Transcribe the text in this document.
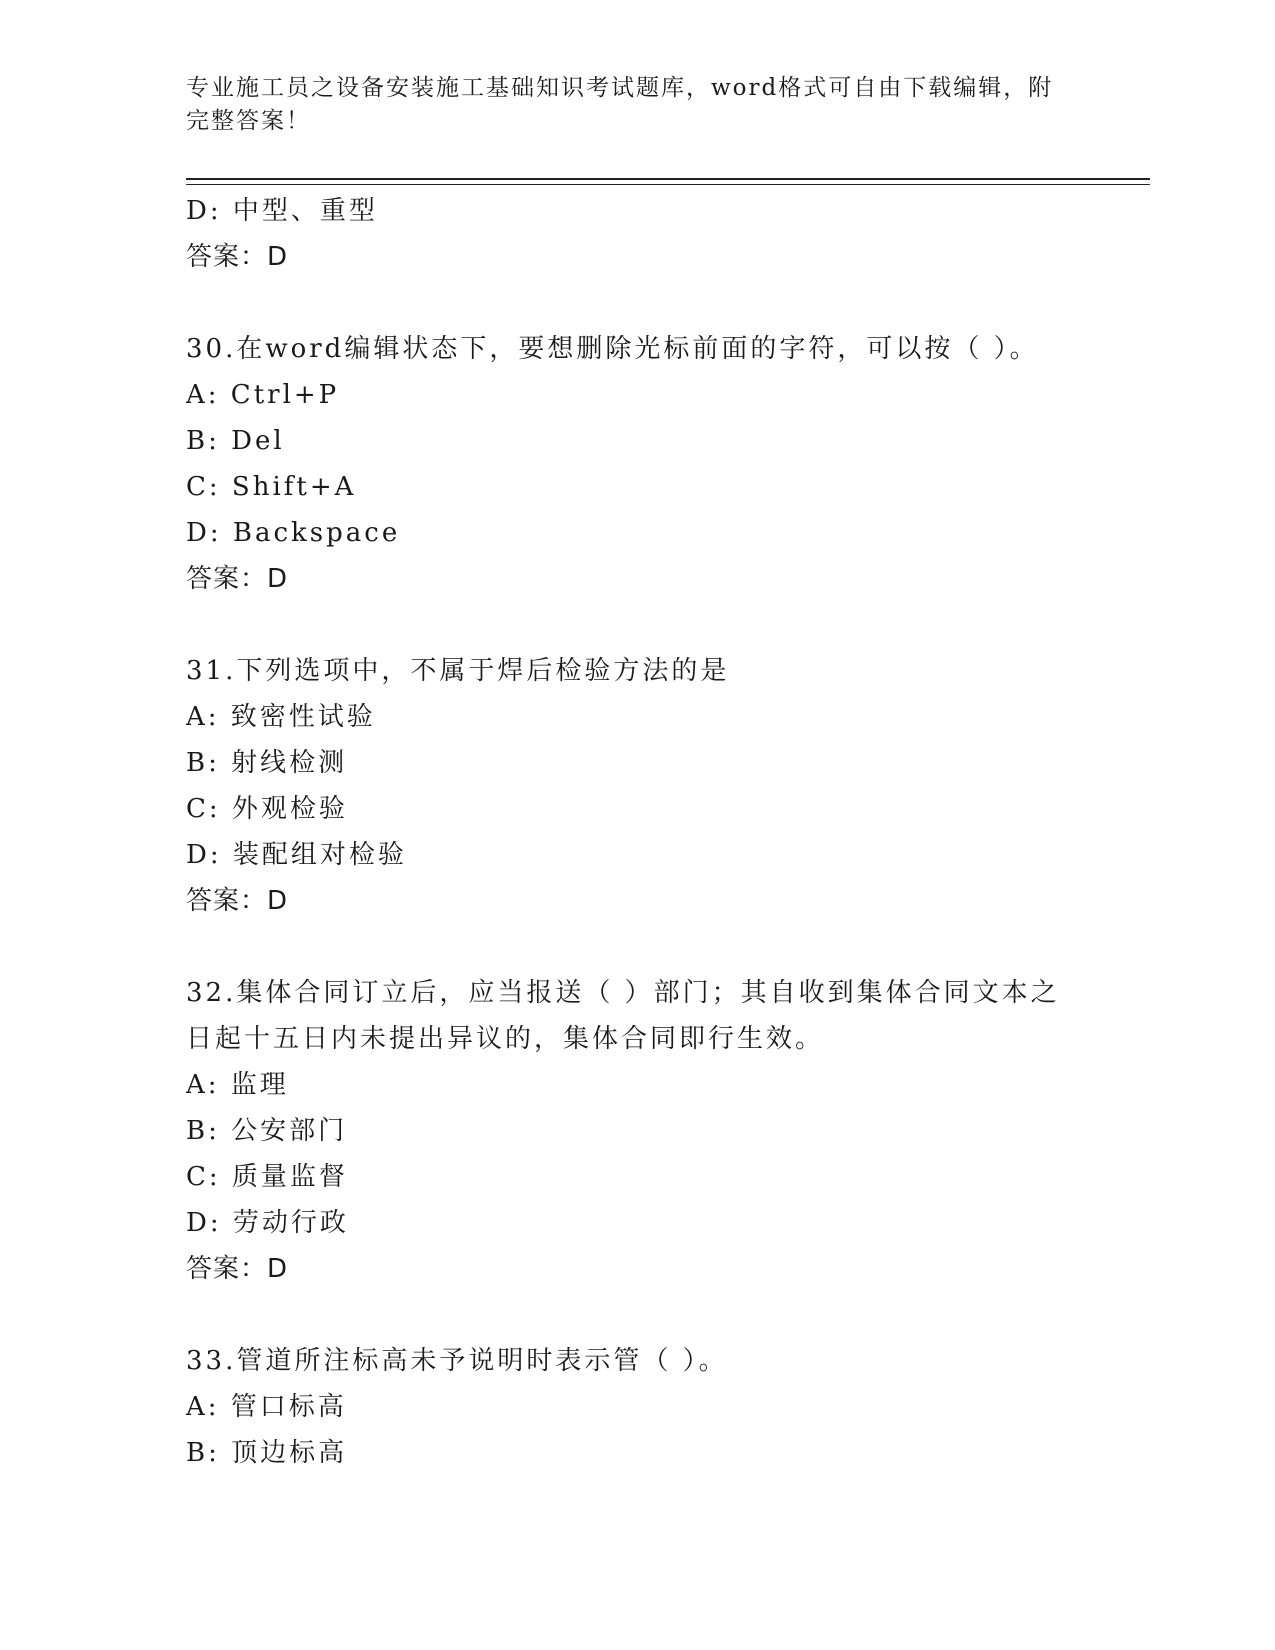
专业施工员之设备安装施工基础知识考试题库，word格式可自由下载编辑，附完整答案！
D: 中型、重型
答案：D
30.在word编辑状态下，要想删除光标前面的字符，可以按（ ）。
A: Ctrl+P
B: Del
C: Shift+A
D: Backspace
答案：D
31.下列选项中，不属于焊后检验方法的是
A: 致密性试验
B: 射线检测
C: 外观检验
D: 装配组对检验
答案：D
32.集体合同订立后，应当报送（ ）部门；其自收到集体合同文本之
日起十五日内未提出异议的，集体合同即行生效。
A: 监理
B: 公安部门
C: 质量监督
D: 劳动行政
答案：D
33.管道所注标高未予说明时表示管（ ）。
A: 管口标高
B: 顶边标高
